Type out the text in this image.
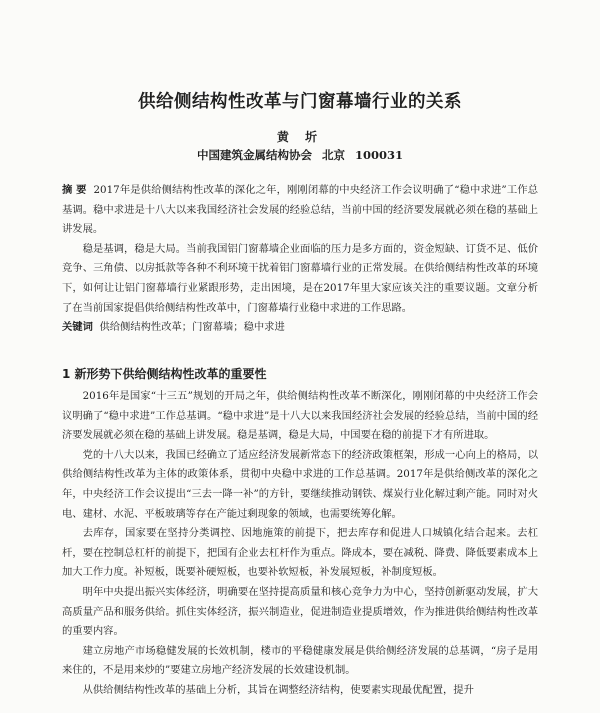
供给侧结构性改革与门窗幕墙行业的关系
黄 圻
中国建筑金属结构协会 北京 100031

摘 要 2017年是供给侧结构性改革的深化之年，刚刚闭幕的中央经济工作会议明确了“稳中求进”工作总基调。稳中求进是十八大以来我国经济社会发展的经验总结，当前中国的经济要发展就必须在稳的基础上讲发展。

稳是基调，稳是大局。当前我国铝门窗幕墙企业面临的压力是多方面的，资金短缺、订货不足、低价竞争、三角债、以房抵款等各种不利环境干扰着铝门窗幕墙行业的正常发展。在供给侧结构性改革的环境下，如何让让铝门窗幕墙行业紧跟形势，走出困境，是在2017年里大家应该关注的重要议题。文章分析了在当前国家提倡供给侧结构性改革中，门窗幕墙行业稳中求进的工作思路。

关键词 供给侧结构性改革；门窗幕墙；稳中求进

1 新形势下供给侧结构性改革的重要性

2016年是国家“十三五”规划的开局之年，供给侧结构性改革不断深化，刚刚闭幕的中央经济工作会议明确了“稳中求进”工作总基调。“稳中求进”是十八大以来我国经济社会发展的经验总结，当前中国的经济要发展就必须在稳的基础上讲发展。稳是基调，稳是大局，中国要在稳的前提下才有所进取。

党的十八大以来，我国已经确立了适应经济发展新常态下的经济政策框架，形成一心向上的格局，以供给侧结构性改革为主体的政策体系，贯彻中央稳中求进的工作总基调。2017年是供给侧改革的深化之年，中央经济工作会议提出“三去一降一补”的方针，要继续推动钢铁、煤炭行业化解过剩产能。同时对火电、建材、水泥、平板玻璃等存在产能过剩现象的领域，也需要统筹化解。

去库存，国家要在坚持分类调控、因地施策的前提下，把去库存和促进人口城镇化结合起来。去杠杆，要在控制总杠杆的前提下，把国有企业去杠杆作为重点。降成本，要在减税、降费、降低要素成本上加大工作力度。补短板，既要补硬短板，也要补软短板，补发展短板，补制度短板。

明年中央提出振兴实体经济，明确要在坚持提高质量和核心竞争力为中心，坚持创新驱动发展，扩大高质量产品和服务供给。抓住实体经济，振兴制造业，促进制造业提质增效，作为推进供给侧结构性改革的重要内容。

建立房地产市场稳健发展的长效机制，楼市的平稳健康发展是供给侧经济发展的总基调，“房子是用来住的，不是用来炒的”要建立房地产经济发展的长效建设机制。

从供给侧结构性改革的基础上分析，其旨在调整经济结构，使要素实现最优配置，提升
